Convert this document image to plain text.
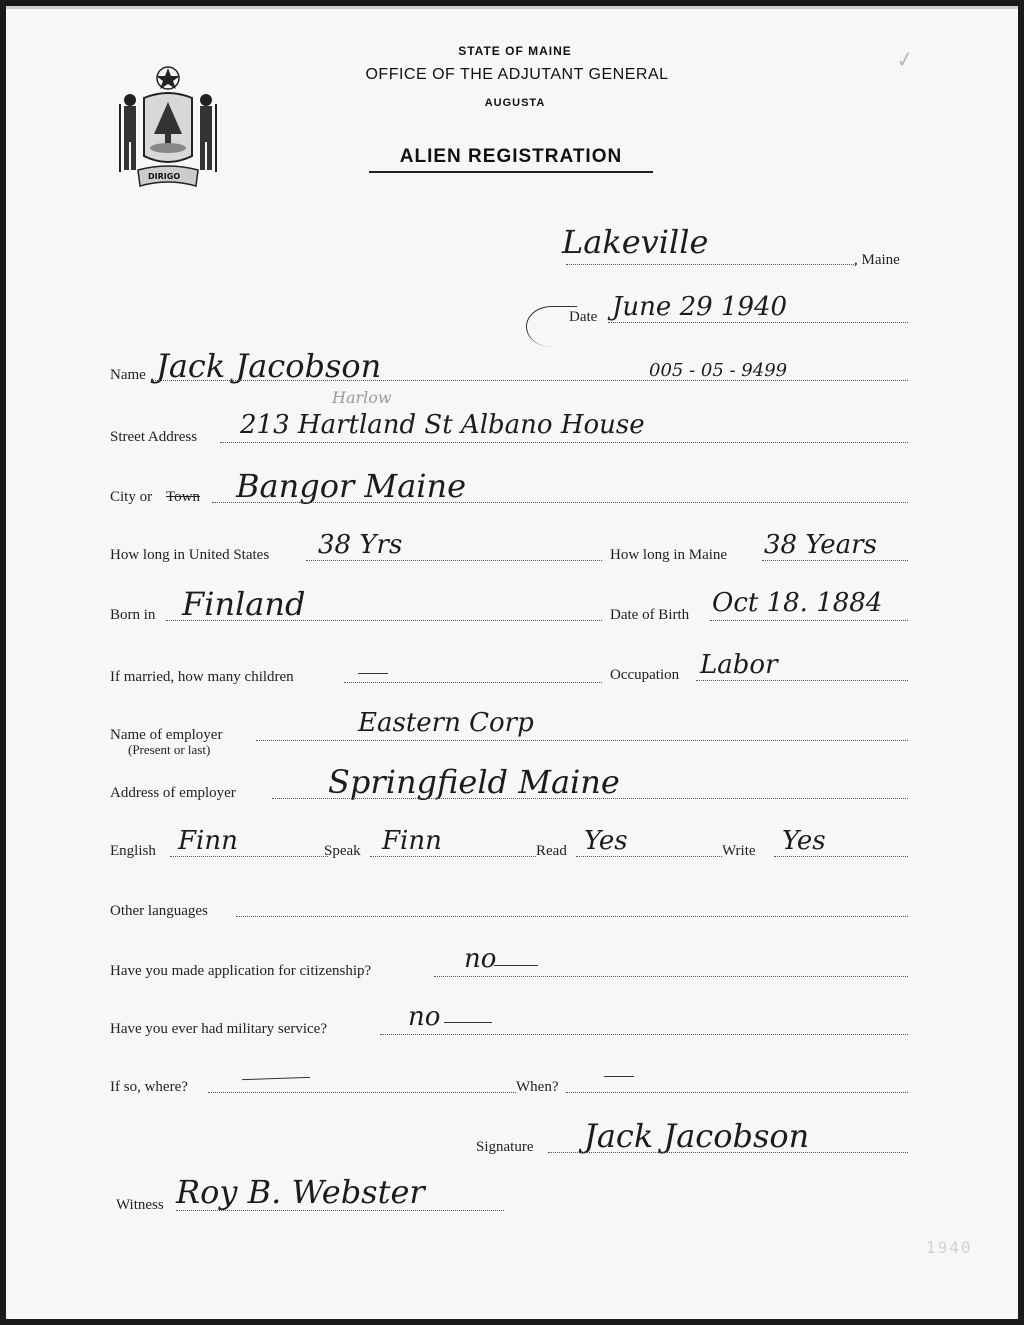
DIRIGO
STATE OF MAINE
OFFICE OF THE ADJUTANT GENERAL
AUGUSTA
ALIEN REGISTRATION
✓
Lakeville	, Maine
Date June 29 1940
Name Jack Jacobson	005 - 05 - 9499
Harlow
Street Address 213 Hartland St Albano House
City or Town Bangor Maine
How long in United States 38 Yrs	How long in Maine 38 Years
Born in Finland	Date of Birth Oct 18. 1884
If married, how many children	Occupation Labor
Name of employer
(Present or last)
Eastern Corp
Address of employer	Springfield Maine
English Finn	Speak Finn	Read Yes	Write Yes
Other languages
Have you made application for citizenship?	no
Have you ever had military service?	no
If so, where?	When?
Signature Jack Jacobson
Witness Roy B. Webster
1940
